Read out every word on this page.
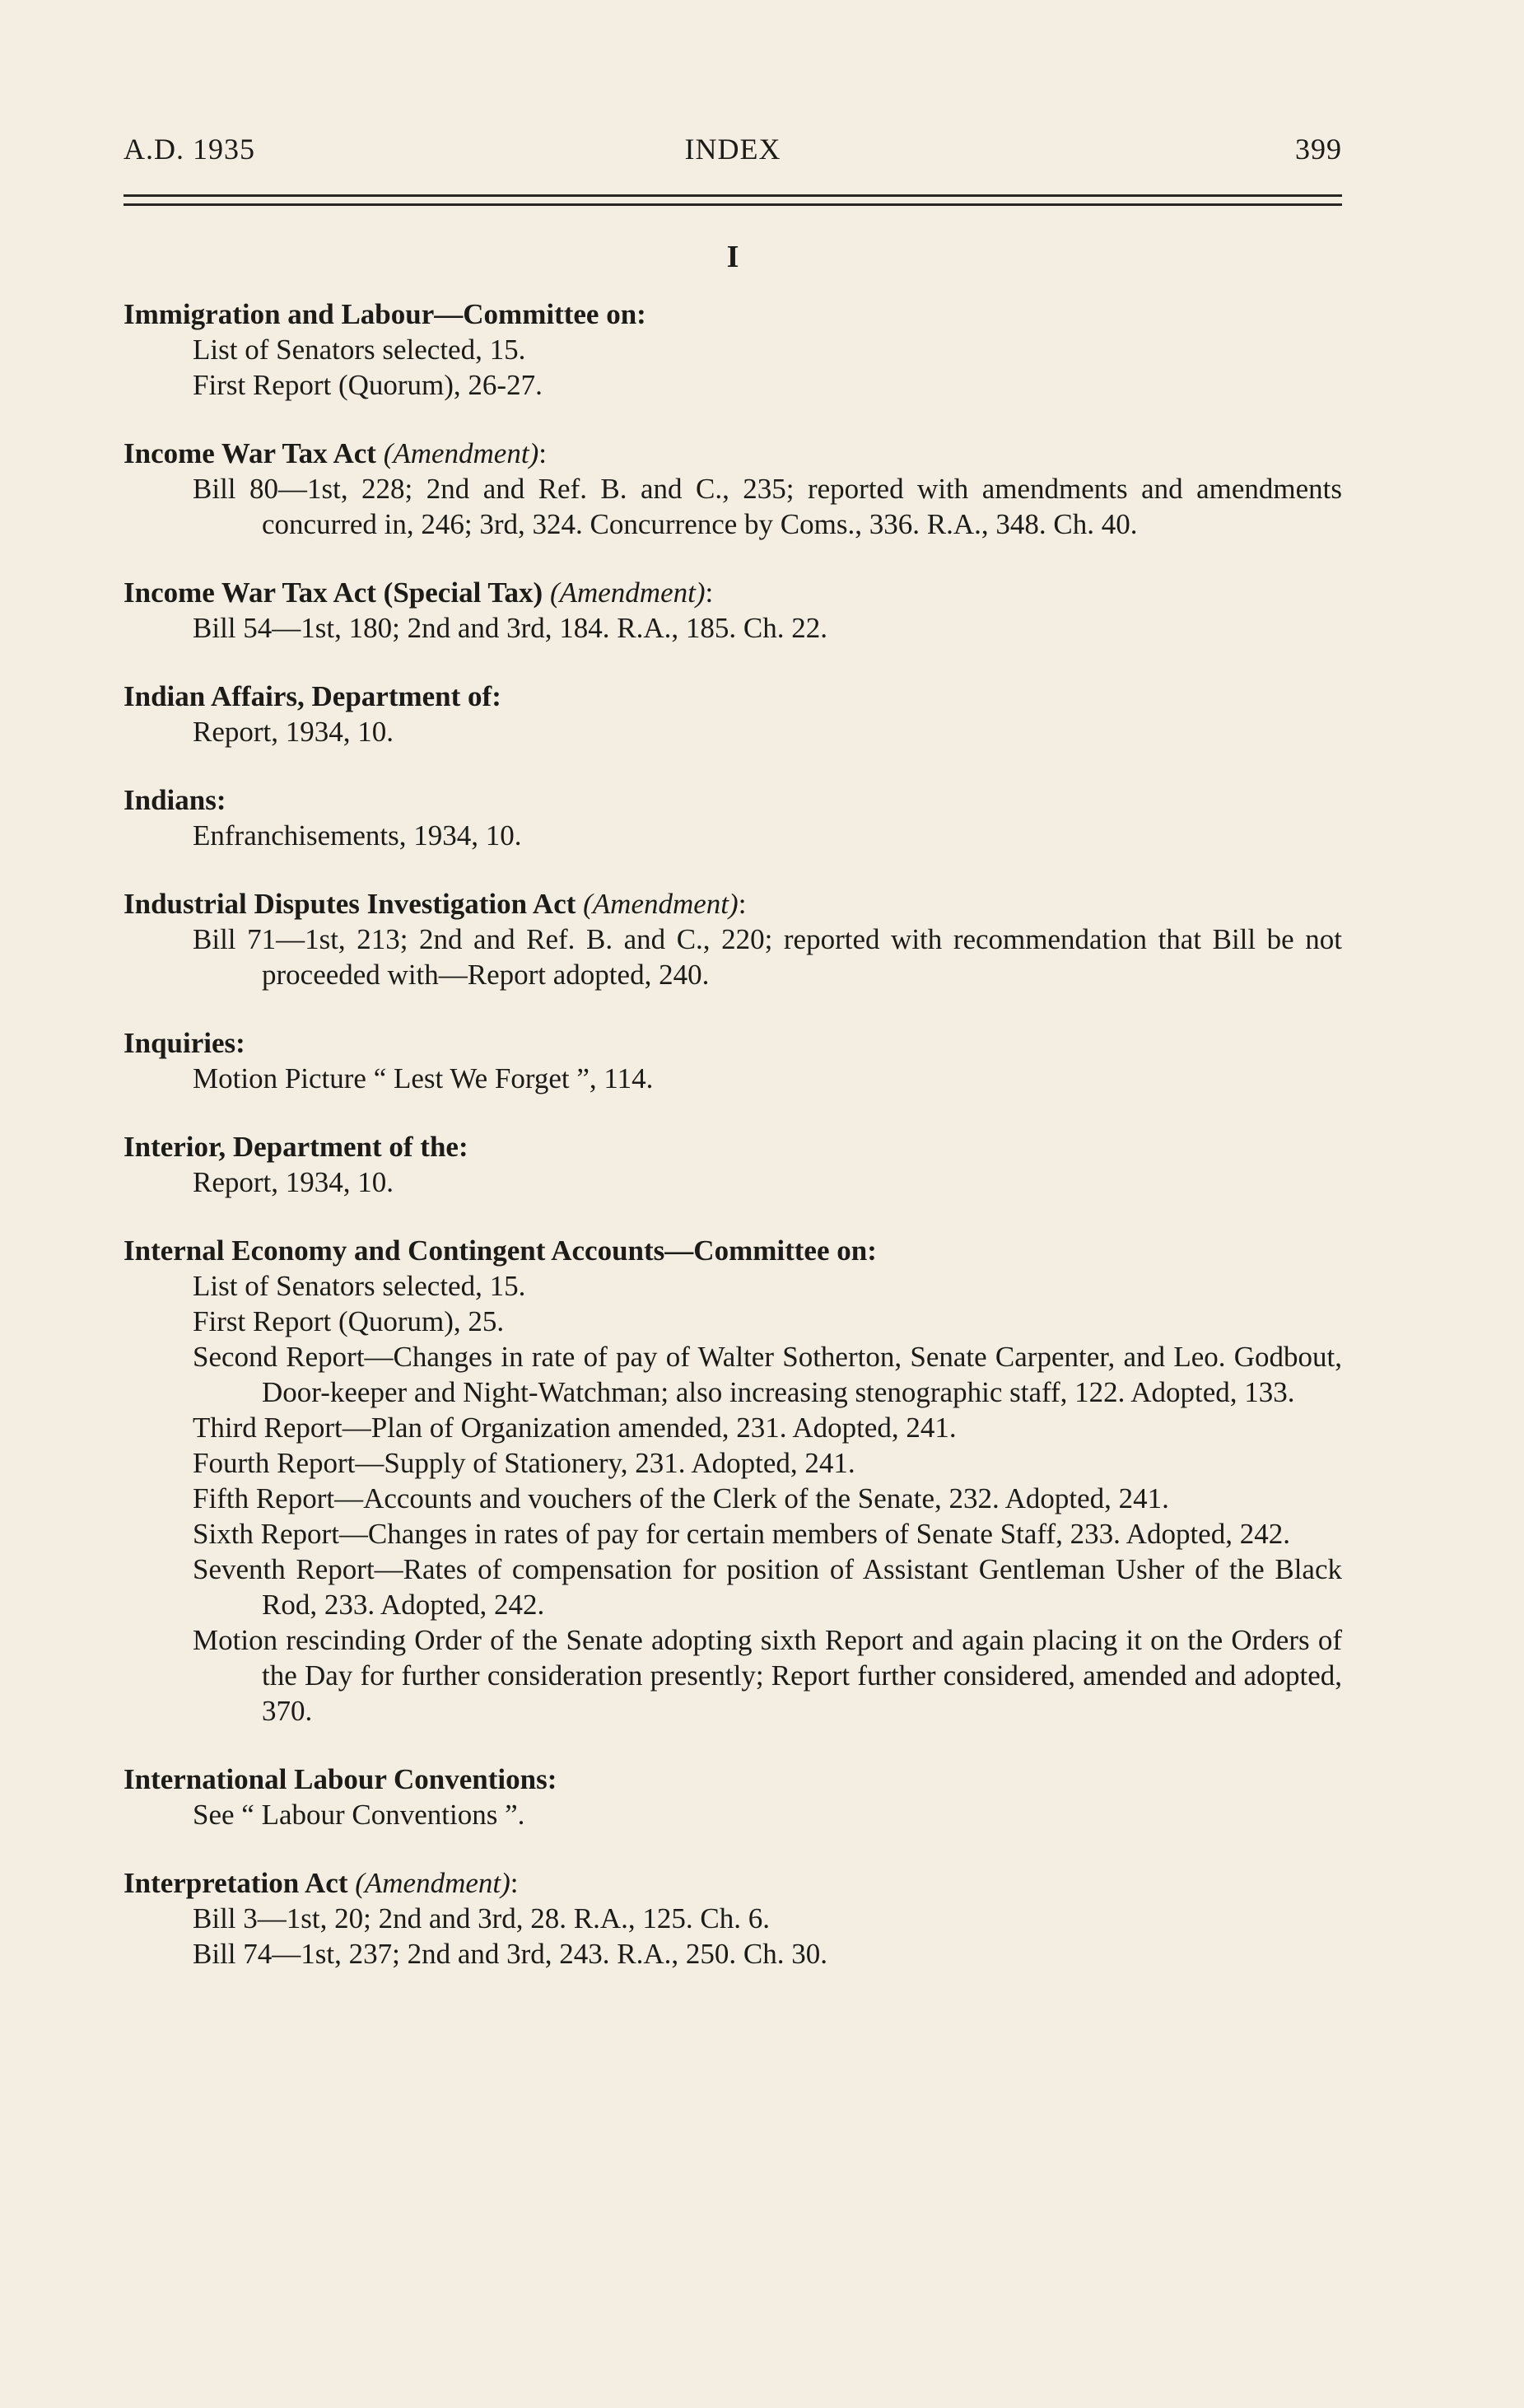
A.D. 1935	INDEX	399
I
Immigration and Labour—Committee on:
List of Senators selected, 15.
First Report (Quorum), 26-27.
Income War Tax Act (Amendment):
Bill 80—1st, 228; 2nd and Ref. B. and C., 235; reported with amendments and amendments concurred in, 246; 3rd, 324. Concurrence by Coms., 336. R.A., 348. Ch. 40.
Income War Tax Act (Special Tax) (Amendment):
Bill 54—1st, 180; 2nd and 3rd, 184. R.A., 185. Ch. 22.
Indian Affairs, Department of:
Report, 1934, 10.
Indians:
Enfranchisements, 1934, 10.
Industrial Disputes Investigation Act (Amendment):
Bill 71—1st, 213; 2nd and Ref. B. and C., 220; reported with recommendation that Bill be not proceeded with—Report adopted, 240.
Inquiries:
Motion Picture “ Lest We Forget ”, 114.
Interior, Department of the:
Report, 1934, 10.
Internal Economy and Contingent Accounts—Committee on:
List of Senators selected, 15.
First Report (Quorum), 25.
Second Report—Changes in rate of pay of Walter Sotherton, Senate Carpenter, and Leo. Godbout, Door-keeper and Night-Watchman; also increasing stenographic staff, 122. Adopted, 133.
Third Report—Plan of Organization amended, 231. Adopted, 241.
Fourth Report—Supply of Stationery, 231. Adopted, 241.
Fifth Report—Accounts and vouchers of the Clerk of the Senate, 232. Adopted, 241.
Sixth Report—Changes in rates of pay for certain members of Senate Staff, 233. Adopted, 242.
Seventh Report—Rates of compensation for position of Assistant Gentleman Usher of the Black Rod, 233. Adopted, 242.
Motion rescinding Order of the Senate adopting sixth Report and again placing it on the Orders of the Day for further consideration presently; Report further considered, amended and adopted, 370.
International Labour Conventions:
See “ Labour Conventions ”.
Interpretation Act (Amendment):
Bill 3—1st, 20; 2nd and 3rd, 28. R.A., 125. Ch. 6.
Bill 74—1st, 237; 2nd and 3rd, 243. R.A., 250. Ch. 30.
